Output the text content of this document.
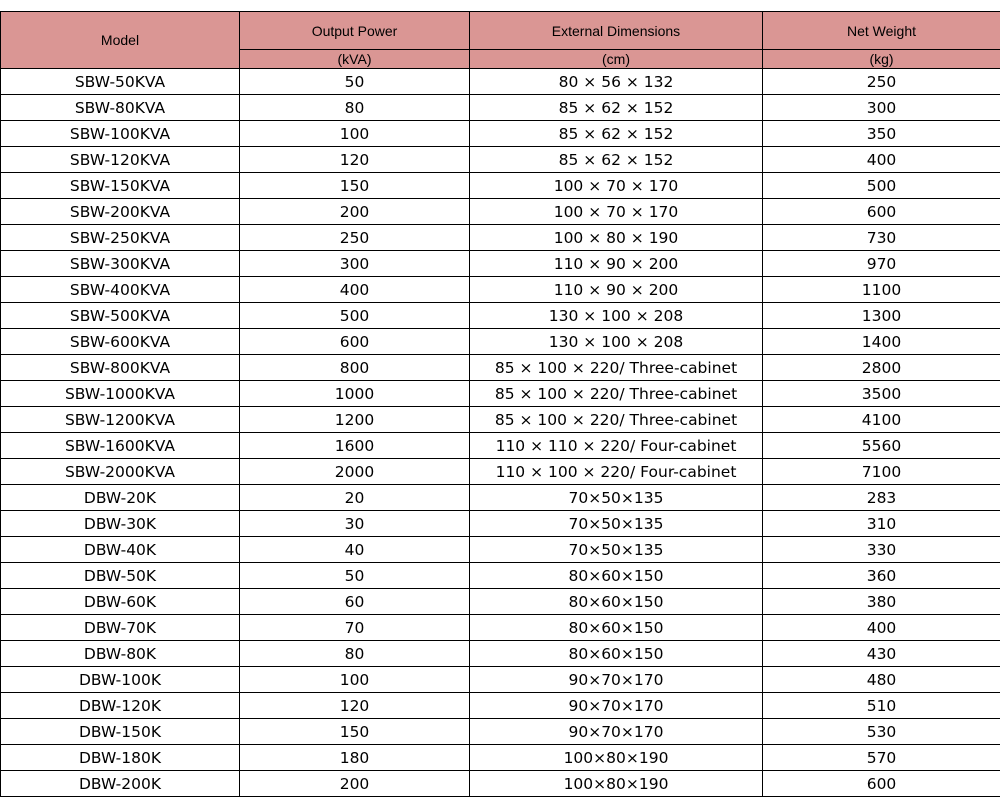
Model	Output Power	External Dimensions	Net Weight
	(kVA)	(cm)	(kg)
SBW-50KVA	50	80 × 56 × 132	250
SBW-80KVA	80	85 × 62 × 152	300
SBW-100KVA	100	85 × 62 × 152	350
SBW-120KVA	120	85 × 62 × 152	400
SBW-150KVA	150	100 × 70 × 170	500
SBW-200KVA	200	100 × 70 × 170	600
SBW-250KVA	250	100 × 80 × 190	730
SBW-300KVA	300	110 × 90 × 200	970
SBW-400KVA	400	110 × 90 × 200	1100
SBW-500KVA	500	130 × 100 × 208	1300
SBW-600KVA	600	130 × 100 × 208	1400
SBW-800KVA	800	85 × 100 × 220/ Three-cabinet	2800
SBW-1000KVA	1000	85 × 100 × 220/ Three-cabinet	3500
SBW-1200KVA	1200	85 × 100 × 220/ Three-cabinet	4100
SBW-1600KVA	1600	110 × 110 × 220/ Four-cabinet	5560
SBW-2000KVA	2000	110 × 100 × 220/ Four-cabinet	7100
DBW-20K	20	70×50×135	283
DBW-30K	30	70×50×135	310
DBW-40K	40	70×50×135	330
DBW-50K	50	80×60×150	360
DBW-60K	60	80×60×150	380
DBW-70K	70	80×60×150	400
DBW-80K	80	80×60×150	430
DBW-100K	100	90×70×170	480
DBW-120K	120	90×70×170	510
DBW-150K	150	90×70×170	530
DBW-180K	180	100×80×190	570
DBW-200K	200	100×80×190	600
